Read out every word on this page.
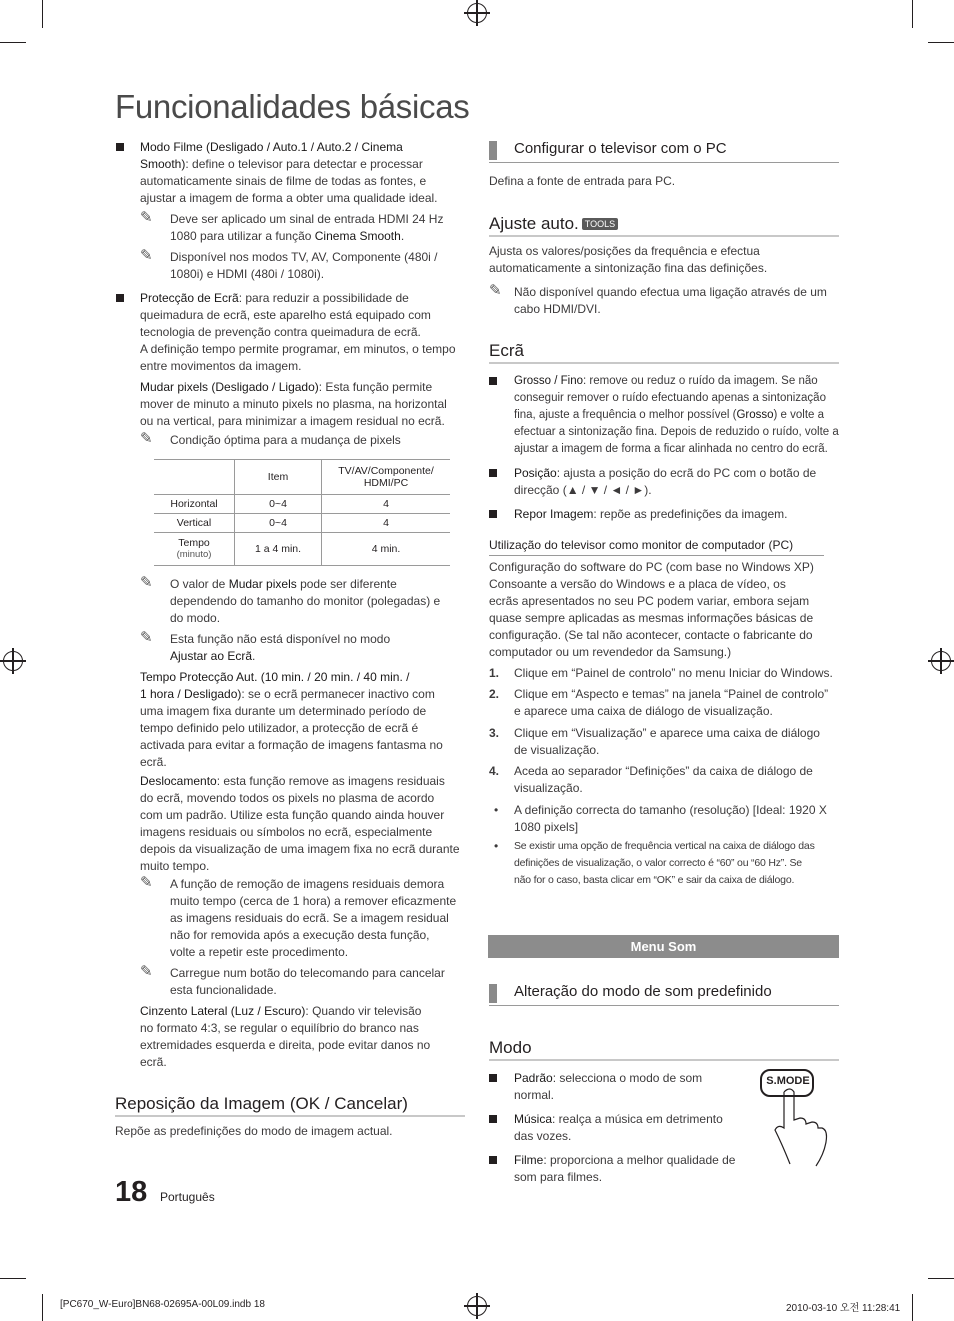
Funcionalidades básicas
Modo Filme (Desligado / Auto.1 / Auto.2 / Cinema
Smooth): define o televisor para detectar e processar
automaticamente sinais de filme de todas as fontes, e
ajustar a imagem de forma a obter uma qualidade ideal.
✎ Deve ser aplicado um sinal de entrada HDMI 24 Hz
1080 para utilizar a função Cinema Smooth.
✎ Disponível nos modos TV, AV, Componente (480i /
1080i) e HDMI (480i / 1080i).
Protecção de Ecrã: para reduzir a possibilidade de
queimadura de ecrã, este aparelho está equipado com
tecnologia de prevenção contra queimadura de ecrã.
A definição tempo permite programar, em minutos, o tempo
entre movimentos da imagem.
Mudar pixels (Desligado / Ligado): Esta função permite
mover de minuto a minuto pixels no plasma, na horizontal
ou na vertical, para minimizar a imagem residual no ecrã.
✎ Condição óptima para a mudança de pixels
	Item	TV/AV/Componente/
HDMI/PC

Horizontal	0~4	4
Vertical	0~4	4

Tempo
(minuto)	1 a 4 min.	4 min.
✎ O valor de Mudar pixels pode ser diferente
dependendo do tamanho do monitor (polegadas) e
do modo.
✎ Esta função não está disponível no modo
Ajustar ao Ecrã.
Tempo Protecção Aut. (10 min. / 20 min. / 40 min. /
1 hora / Desligado): se o ecrã permanecer inactivo com
uma imagem fixa durante um determinado período de
tempo definido pelo utilizador, a protecção de ecrã é
activada para evitar a formação de imagens fantasma no
ecrã.
Deslocamento: esta função remove as imagens residuais
do ecrã, movendo todos os pixels no plasma de acordo
com um padrão. Utilize esta função quando ainda houver
imagens residuais ou símbolos no ecrã, especialmente
depois da visualização de uma imagem fixa no ecrã durante
muito tempo.
✎ A função de remoção de imagens residuais demora
muito tempo (cerca de 1 hora) a remover eficazmente
as imagens residuais do ecrã. Se a imagem residual
não for removida após a execução desta função,
volte a repetir este procedimento.
✎ Carregue num botão do telecomando para cancelar
esta funcionalidade.
Cinzento Lateral (Luz / Escuro): Quando vir televisão
no formato 4:3, se regular o equilíbrio do branco nas
extremidades esquerda e direita, pode evitar danos no
ecrã.
Reposição da Imagem (OK / Cancelar)
Repõe as predefinições do modo de imagem actual.
Configurar o televisor com o PC
Defina a fonte de entrada para PC.
Ajuste auto. TOOLS
Ajusta os valores/posições da frequência e efectua
automaticamente a sintonização fina das definições.
✎ Não disponível quando efectua uma ligação através de um
cabo HDMI/DVI.
Ecrã
Grosso / Fino: remove ou reduz o ruído da imagem. Se não
conseguir remover o ruído efectuando apenas a sintonização
fina, ajuste a frequência o melhor possível (Grosso) e volte a
efectuar a sintonização fina. Depois de reduzido o ruído, volte a
ajustar a imagem de forma a ficar alinhada no centro do ecrã.
Posição: ajusta a posição do ecrã do PC com o botão de
direcção (▲ / ▼ / ◄ / ►).
Repor Imagem: repõe as predefinições da imagem.
Utilização do televisor como monitor de computador (PC)
Configuração do software do PC (com base no Windows XP)
Consoante a versão do Windows e a placa de vídeo, os
ecrãs apresentados no seu PC podem variar, embora sejam
quase sempre aplicadas as mesmas informações básicas de
configuração. (Se tal não acontecer, contacte o fabricante do
computador ou um revendedor da Samsung.)
1. Clique em “Painel de controlo” no menu Iniciar do Windows.
2. Clique em “Aspecto e temas” na janela “Painel de controlo”
e aparece uma caixa de diálogo de visualização.
3. Clique em “Visualização” e aparece uma caixa de diálogo
de visualização.
4. Aceda ao separador “Definições” da caixa de diálogo de
visualização.
• A definição correcta do tamanho (resolução) [Ideal: 1920 X
1080 pixels]
• Se existir uma opção de frequência vertical na caixa de diálogo das
definições de visualização, o valor correcto é “60” ou “60 Hz”. Se
não for o caso, basta clicar em “OK” e sair da caixa de diálogo.
Menu Som
Alteração do modo de som predefinido
Modo
Padrão: selecciona o modo de som
normal.
Música: realça a música em detrimento
das vozes.
Filme: proporciona a melhor qualidade de
som para filmes.
S.MODE
18 Português
[PC670_W-Euro]BN68-02695A-00L09.indb 18	2010-03-10 오전 11:28:41
